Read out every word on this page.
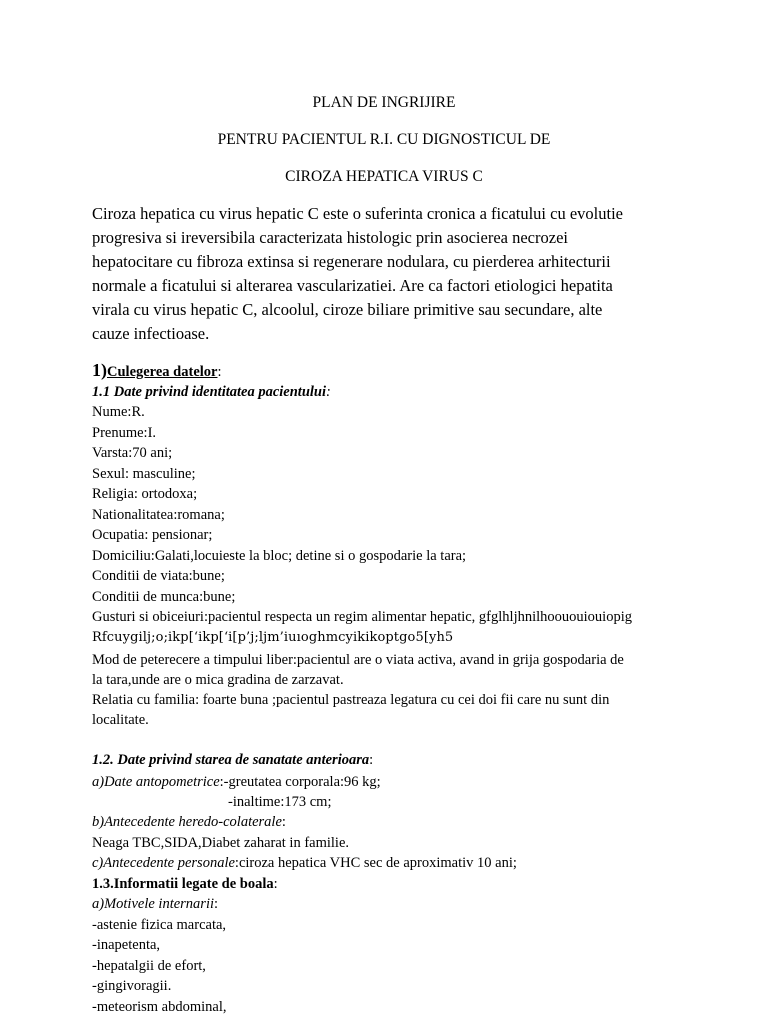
PLAN DE INGRIJIRE
PENTRU PACIENTUL R.I. CU DIGNOSTICUL DE
CIROZA HEPATICA VIRUS C
Ciroza hepatica cu virus hepatic C este o suferinta cronica a ficatului cu evolutie
progresiva si ireversibila caracterizata histologic prin asocierea necrozei
hepatocitare cu fibroza extinsa si regenerare nodulara, cu pierderea arhitecturii
normale a ficatului si alterarea vascularizatiei. Are ca factori etiologici hepatita
virala cu virus hepatic C, alcoolul, ciroze biliare primitive sau secundare, alte
cauze infectioase.
1)Culegerea datelor:
1.1 Date privind identitatea pacientului:
Nume:R.
Prenume:I.
Varsta:70 ani;
Sexul: masculine;
Religia: ortodoxa;
Nationalitatea:romana;
Ocupatia: pensionar;
Domiciliu:Galati,locuieste la bloc; detine si o gospodarie la tara;
Conditii de viata:bune;
Conditii de munca:bune;
Gusturi si obiceiuri:pacientul respecta un regim alimentar hepatic, gfglhljhnilhoououiouiopig
Rfcuygilj;o;ikp[‘ikp[‘i[p’j;ljm’iuıoghmcyikikoptgo5[yh5
Mod de peterecere a timpului liber:pacientul are o viata activa, avand in grija gospodaria de
la tara,unde are o mica gradina de zarzavat.
Relatia cu familia: foarte buna ;pacientul pastreaza legatura cu cei doi fii care nu sunt din
localitate.
1.2. Date privind starea de sanatate anterioara:
a)Date antopometrice:-greutatea corporala:96 kg;
-inaltime:173 cm;
b)Antecedente heredo-colaterale:
Neaga TBC,SIDA,Diabet zaharat in familie.
c)Antecedente personale:ciroza hepatica VHC sec de aproximativ 10 ani;
1.3.Informatii legate de boala:
a)Motivele internarii:
-astenie fizica marcata,
-inapetenta,
-hepatalgii de efort,
-gingivoragii.
-meteorism abdominal,
